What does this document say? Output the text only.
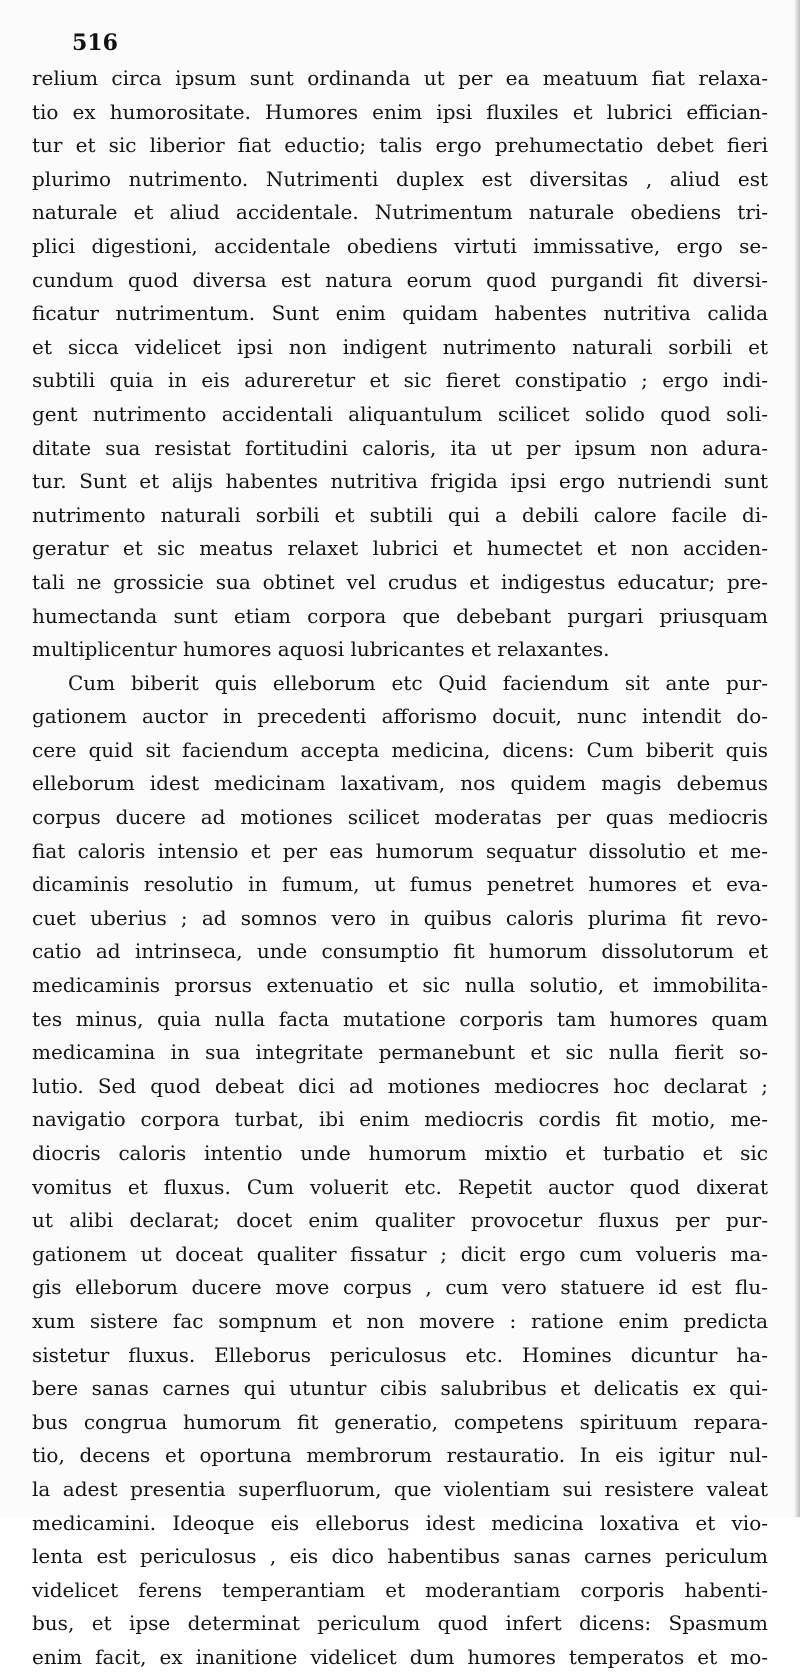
516
relium circa ipsum sunt ordinanda ut per ea meatuum fiat relaxa-
tio ex humorositate. Humores enim ipsi fluxiles et lubrici effician-
tur et sic liberior fiat eductio; talis ergo prehumectatio debet fieri
plurimo nutrimento. Nutrimenti duplex est diversitas , aliud est
naturale et aliud accidentale. Nutrimentum naturale obediens tri-
plici digestioni, accidentale obediens virtuti immissative, ergo se-
cundum quod diversa est natura eorum quod purgandi fit diversi-
ficatur nutrimentum. Sunt enim quidam habentes nutritiva calida
et sicca videlicet ipsi non indigent nutrimento naturali sorbili et
subtili quia in eis adureretur et sic fieret constipatio ; ergo indi-
gent nutrimento accidentali aliquantulum scilicet solido quod soli-
ditate sua resistat fortitudini caloris, ita ut per ipsum non adura-
tur. Sunt et alijs habentes nutritiva frigida ipsi ergo nutriendi sunt
nutrimento naturali sorbili et subtili qui a debili calore facile di-
geratur et sic meatus relaxet lubrici et humectet et non acciden-
tali ne grossicie sua obtinet vel crudus et indigestus educatur; pre-
humectanda sunt etiam corpora que debebant purgari priusquam
multiplicentur humores aquosi lubricantes et relaxantes.
Cum biberit quis elleborum etc Quid faciendum sit ante pur-
gationem auctor in precedenti afforismo docuit, nunc intendit do-
cere quid sit faciendum accepta medicina, dicens: Cum biberit quis
elleborum idest medicinam laxativam, nos quidem magis debemus
corpus ducere ad motiones scilicet moderatas per quas mediocris
fiat caloris intensio et per eas humorum sequatur dissolutio et me-
dicaminis resolutio in fumum, ut fumus penetret humores et eva-
cuet uberius ; ad somnos vero in quibus caloris plurima fit revo-
catio ad intrinseca, unde consumptio fit humorum dissolutorum et
medicaminis prorsus extenuatio et sic nulla solutio, et immobilita-
tes minus, quia nulla facta mutatione corporis tam humores quam
medicamina in sua integritate permanebunt et sic nulla fierit so-
lutio. Sed quod debeat dici ad motiones mediocres hoc declarat ;
navigatio corpora turbat, ibi enim mediocris cordis fit motio, me-
diocris caloris intentio unde humorum mixtio et turbatio et sic
vomitus et fluxus. Cum voluerit etc. Repetit auctor quod dixerat
ut alibi declarat; docet enim qualiter provocetur fluxus per pur-
gationem ut doceat qualiter fissatur ; dicit ergo cum volueris ma-
gis elleborum ducere move corpus , cum vero statuere id est flu-
xum sistere fac sompnum et non movere : ratione enim predicta
sistetur fluxus. Elleborus periculosus etc. Homines dicuntur ha-
bere sanas carnes qui utuntur cibis salubribus et delicatis ex qui-
bus congrua humorum fit generatio, competens spirituum repara-
tio, decens et oportuna membrorum restauratio. In eis igitur nul-
la adest presentia superfluorum, que violentiam sui resistere valeat
medicamini. Ideoque eis elleborus idest medicina loxativa et vio-
lenta est periculosus , eis dico habentibus sanas carnes periculum
videlicet ferens temperantiam et moderantiam corporis habenti-
bus, et ipse determinat periculum quod infert dicens: Spasmum
enim facit, ex inanitione videlicet dum humores temperatos et mo-
